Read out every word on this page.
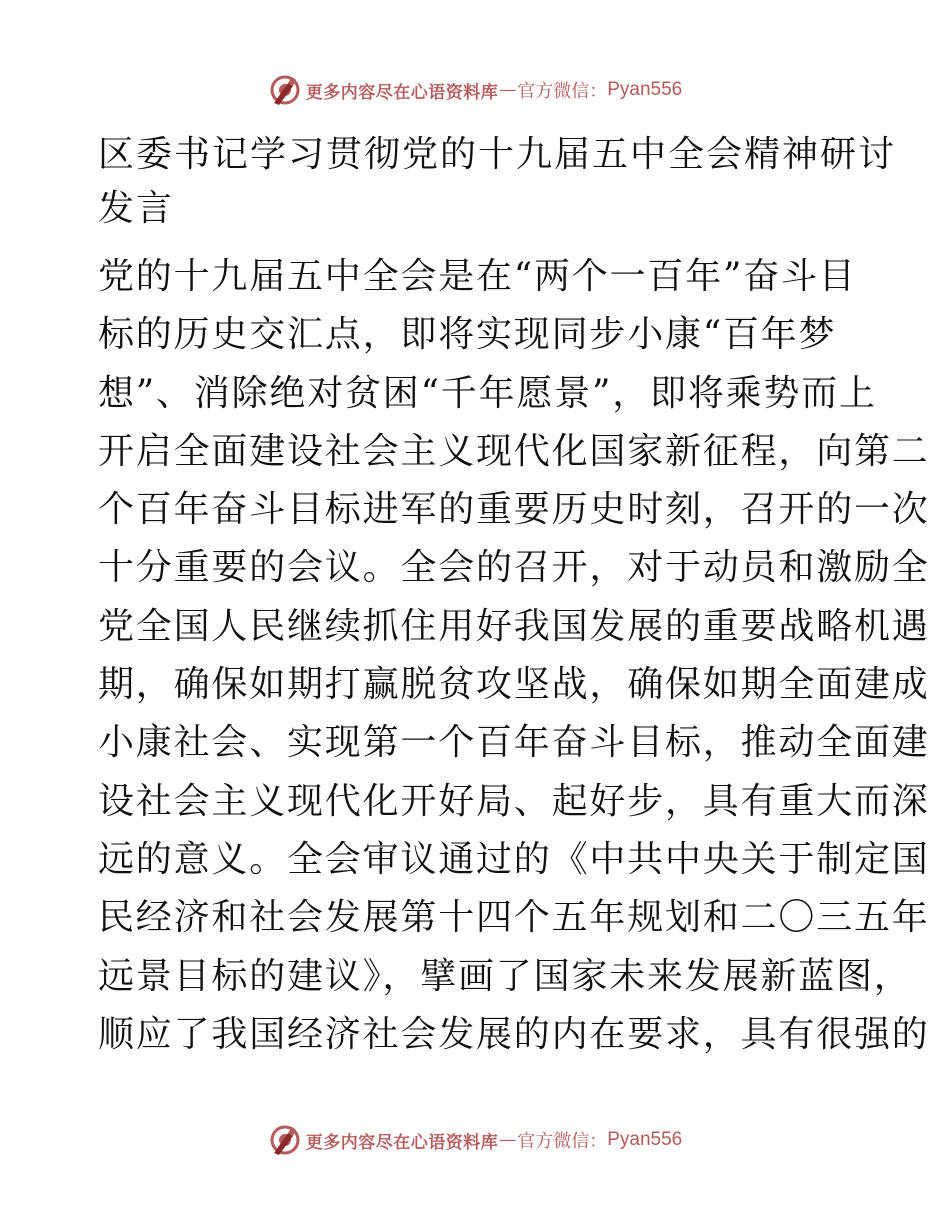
更多内容尽在心语资料库 — 官方微信： Pyan556
区委书记学习贯彻党的十九届五中全会精神研讨
发言
党的十九届五中全会是在“两个一百年”奋斗目
标的历史交汇点，即将实现同步小康“百年梦
想”、消除绝对贫困“千年愿景”，即将乘势而上
开启全面建设社会主义现代化国家新征程，向第二
个百年奋斗目标进军的重要历史时刻，召开的一次
十分重要的会议。全会的召开，对于动员和激励全
党全国人民继续抓住用好我国发展的重要战略机遇
期，确保如期打赢脱贫攻坚战，确保如期全面建成
小康社会、实现第一个百年奋斗目标，推动全面建
设社会主义现代化开好局、起好步，具有重大而深
远的意义。全会审议通过的《中共中央关于制定国
民经济和社会发展第十四个五年规划和二〇三五年
远景目标的建议》，擘画了国家未来发展新蓝图，
顺应了我国经济社会发展的内在要求，具有很强的
更多内容尽在心语资料库 — 官方微信： Pyan556
